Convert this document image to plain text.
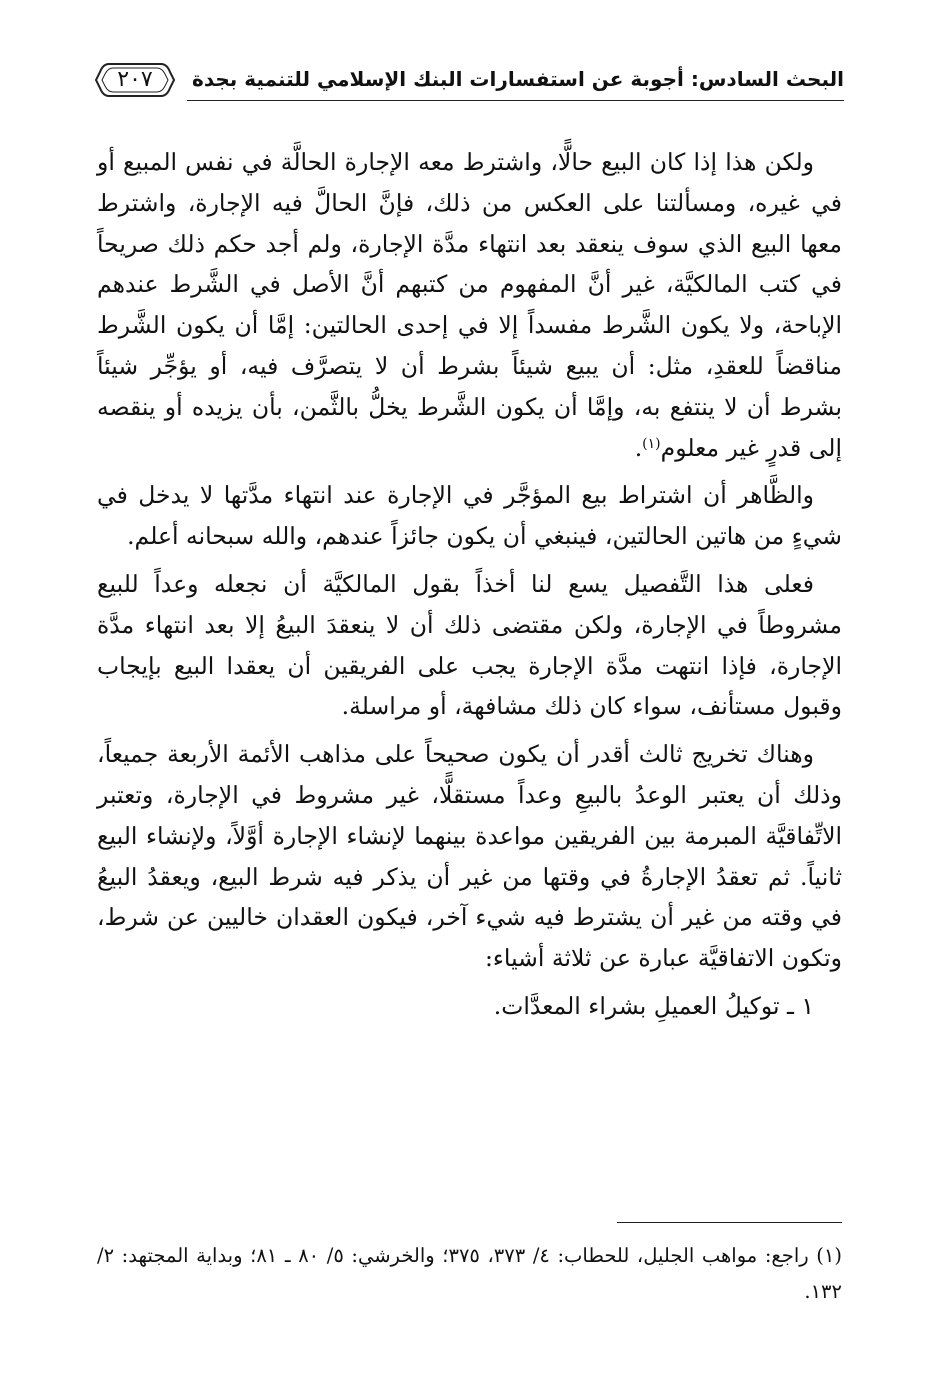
البحث السادس: أجوبة عن استفسارات البنك الإسلامي للتنمية بجدة
٢٠٧

ولكن هذا إذا كان البيع حالًّا، واشترط معه الإجارة الحالَّة في نفس المبيع أو في غيره، ومسألتنا على العكس من ذلك، فإنَّ الحالَّ فيه الإجارة، واشترط معها البيع الذي سوف ينعقد بعد انتهاء مدَّة الإجارة، ولم أجد حكم ذلك صريحاً في كتب المالكيَّة، غير أنَّ المفهوم من كتبهم أنَّ الأصل في الشَّرط عندهم الإباحة، ولا يكون الشَّرط مفسداً إلا في إحدى الحالتين: إمَّا أن يكون الشَّرط مناقضاً للعقدِ، مثل: أن يبيع شيئاً بشرط أن لا يتصرَّف فيه، أو يؤجِّر شيئاً بشرط أن لا ينتفع به، وإمَّا أن يكون الشَّرط يخلُّ بالثَّمن، بأن يزيده أو ينقصه إلى قدرٍ غير معلوم$^{(١)}$.

والظَّاهر أن اشتراط بيع المؤجَّر في الإجارة عند انتهاء مدَّتها لا يدخل في شيءٍ من هاتين الحالتين، فينبغي أن يكون جائزاً عندهم، والله سبحانه أعلم.

فعلى هذا التَّفصيل يسع لنا أخذاً بقول المالكيَّة أن نجعله وعداً للبيع مشروطاً في الإجارة، ولكن مقتضى ذلك أن لا ينعقدَ البيعُ إلا بعد انتهاء مدَّة الإجارة، فإذا انتهت مدَّة الإجارة يجب على الفريقين أن يعقدا البيع بإيجاب وقبول مستأنف، سواء كان ذلك مشافهة، أو مراسلة.

وهناك تخريج ثالث أقدر أن يكون صحيحاً على مذاهب الأئمة الأربعة جميعاً، وذلك أن يعتبر الوعدُ بالبيعِ وعداً مستقلًّا، غير مشروط في الإجارة، وتعتبر الاتِّفاقيَّة المبرمة بين الفريقين مواعدة بينهما لإنشاء الإجارة أوَّلاً، ولإنشاء البيع ثانياً. ثم تعقدُ الإجارةُ في وقتها من غير أن يذكر فيه شرط البيع، ويعقدُ البيعُ في وقته من غير أن يشترط فيه شيء آخر، فيكون العقدان خاليين عن شرط، وتكون الاتفاقيَّة عبارة عن ثلاثة أشياء:

١ ـ توكيلُ العميلِ بشراء المعدَّات.

(١) راجع: مواهب الجليل، للحطاب: ٤/ ٣٧٣، ٣٧٥؛ والخرشي: ٥/ ٨٠ ـ ٨١؛ وبداية المجتهد: ٢/ ١٣٢.
